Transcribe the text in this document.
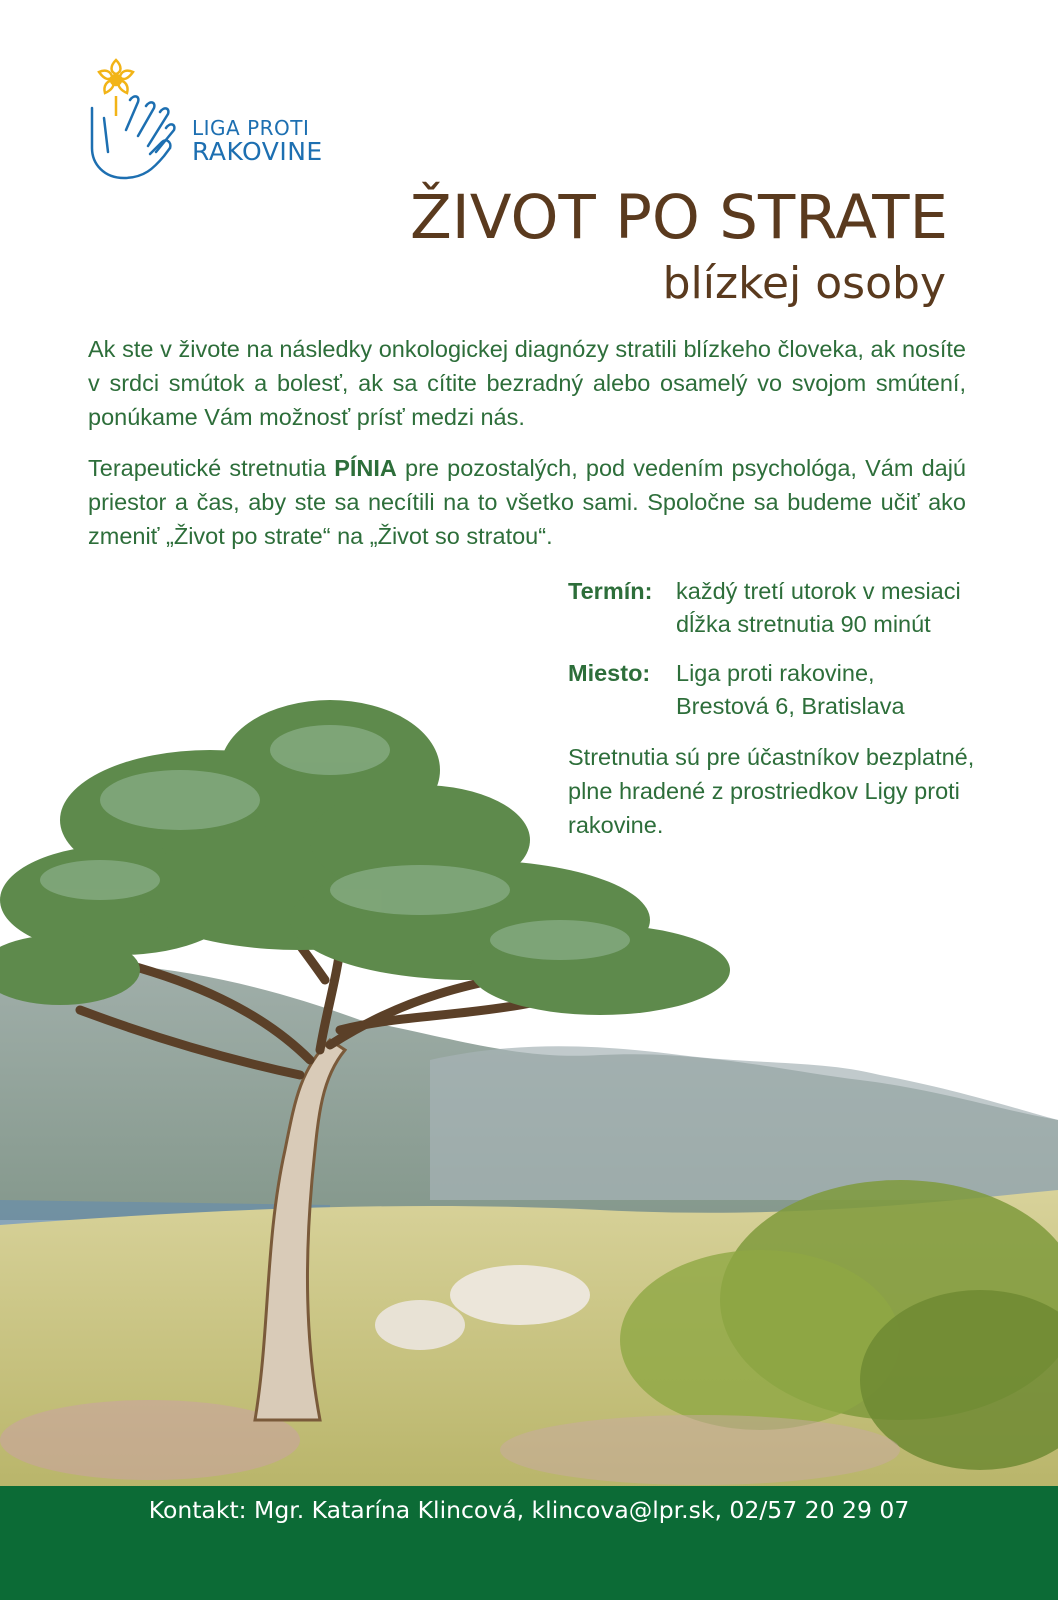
LIGA PROTI
RAKOVINE
ŽIVOT PO STRATE
blízkej osoby

Ak ste v živote na následky onkologickej diagnózy stratili blízkeho človeka, ak nosíte v srdci smútok a bolesť, ak sa cítite bezradný alebo osamelý vo svojom smútení, ponúkame Vám možnosť prísť medzi nás.

Terapeutické stretnutia PÍNIA pre pozostalých, pod vedením psychológa, Vám dajú priestor a čas, aby ste sa necítili na to všetko sami. Spoločne sa budeme učiť ako zmeniť „Život po strate“ na „Život so stratou“.

Termín:	každý tretí utorok v mesiaci
dĺžka stretnutia 90 minút
Miesto:	Liga proti rakovine,
Brestová 6, Bratislava
Stretnutia sú pre účastníkov bezplatné, plne hradené z prostriedkov Ligy proti rakovine.
Kontakt: Mgr. Katarína Klincová, klincova@lpr.sk, 02/57 20 29 07
